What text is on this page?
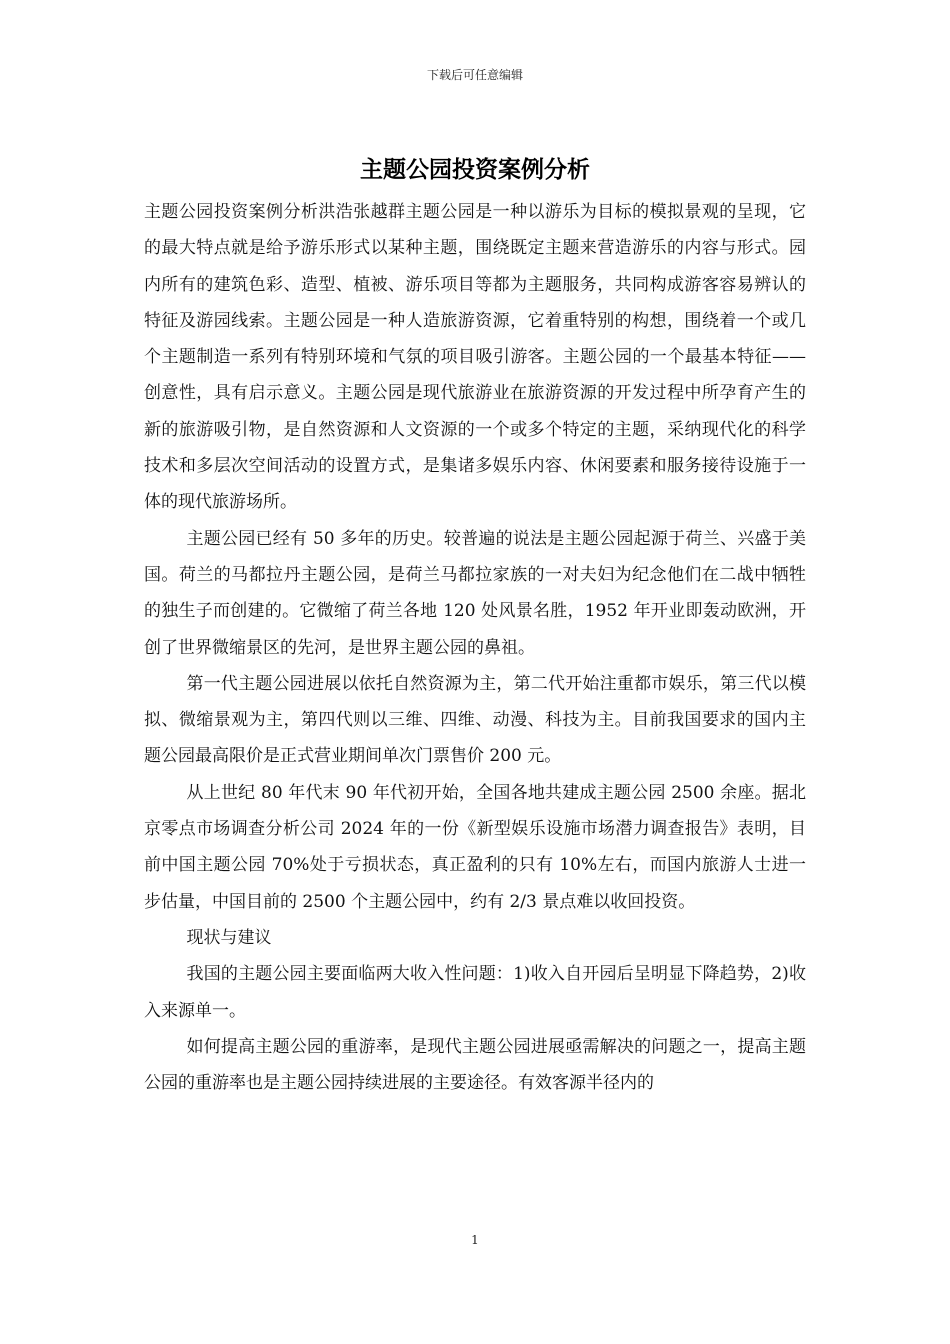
下载后可任意编辑
主题公园投资案例分析

主题公园投资案例分析洪浩张越群主题公园是一种以游乐为目标的模拟景观的呈现，它的最大特点就是给予游乐形式以某种主题，围绕既定主题来营造游乐的内容与形式。园内所有的建筑色彩、造型、植被、游乐项目等都为主题服务，共同构成游客容易辨认的特征及游园线索。主题公园是一种人造旅游资源，它着重特别的构想，围绕着一个或几个主题制造一系列有特别环境和气氛的项目吸引游客。主题公园的一个最基本特征——创意性，具有启示意义。主题公园是现代旅游业在旅游资源的开发过程中所孕育产生的新的旅游吸引物，是自然资源和人文资源的一个或多个特定的主题，采纳现代化的科学技术和多层次空间活动的设置方式，是集诸多娱乐内容、休闲要素和服务接待设施于一体的现代旅游场所。

主题公园已经有 50 多年的历史。较普遍的说法是主题公园起源于荷兰、兴盛于美国。荷兰的马都拉丹主题公园，是荷兰马都拉家族的一对夫妇为纪念他们在二战中牺牲的独生子而创建的。它微缩了荷兰各地 120 处风景名胜，1952 年开业即轰动欧洲，开创了世界微缩景区的先河，是世界主题公园的鼻祖。

第一代主题公园进展以依托自然资源为主，第二代开始注重都市娱乐，第三代以模拟、微缩景观为主，第四代则以三维、四维、动漫、科技为主。目前我国要求的国内主题公园最高限价是正式营业期间单次门票售价 200 元。

从上世纪 80 年代末 90 年代初开始，全国各地共建成主题公园 2500 余座。据北京零点市场调查分析公司 2024 年的一份《新型娱乐设施市场潜力调查报告》表明，目前中国主题公园 70%处于亏损状态，真正盈利的只有 10%左右，而国内旅游人士进一步估量，中国目前的 2500 个主题公园中，约有 2/3 景点难以收回投资。

现状与建议

我国的主题公园主要面临两大收入性问题：1)收入自开园后呈明显下降趋势，2)收入来源单一。

如何提高主题公园的重游率，是现代主题公园进展亟需解决的问题之一，提高主题公园的重游率也是主题公园持续进展的主要途径。有效客源半径内的

1
